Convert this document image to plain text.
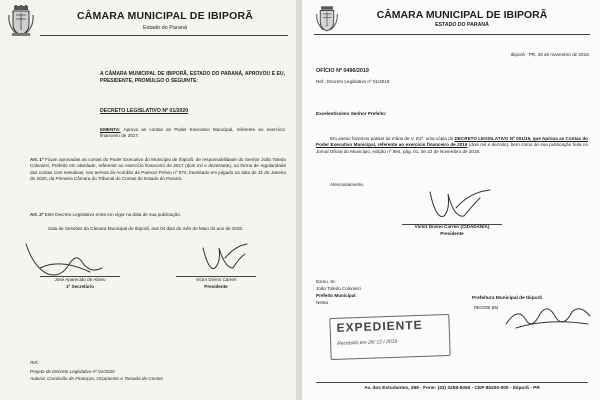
CÂMARA MUNICIPAL DE IBIPORÃ
Estado do Paraná
A CÂMARA MUNICIPAL DE IBIPORÃ, ESTADO DO PARANÁ, APROVOU E EU, PRESIDENTE, PROMULGO O SEGUINTE:
DECRETO LEGISLATIVO Nº 01/2020
EMENTA: Aprova as contas do Poder Executivo Municipal, referente ao exercício financeiro de 2017.
Art. 1º Ficam aprovadas as contas do Poder Executivo do Município de Ibiporã, de responsabilidade do Senhor João Toledo Coloniezi, Prefeito em atividade, referente ao exercício financeiro de 2017 (dois mil e dezessete), na forma de regularidade das contas com ressalvas, nos termos do Acórdão de Parecer Prévio nº 574, transitado em julgado na data de 31 de Janeiro de 2020, da Primeira Câmara do Tribunal de Contas do Estado do Paraná.
Art. 2º Este Decreto Legislativo entra em vigor na data de sua publicação.
Sala de Sessões da Câmara Municipal de Ibiporã, aos 04 dias do mês de Maio do ano de 2020.
José Aparecido de Abreu
1º Secretário
Victor Divino Carreri
Presidente
Ref.:
Projeto de Decreto Legislativo nº 01/2020
Autoria: Comissão de Finanças, Orçamento e Tomada de Contas
CÂMARA MUNICIPAL DE IBIPORÃ
ESTADO DO PARANÁ
Ibiporã - PR, 26 de novembro de 2019.
OFÍCIO Nº 0496/2019
Ref.: Decreto Legislativo nº 01/2019
Excelentíssimo Senhor Prefeito:
Em anexo fazemos passar às mãos de V. Exª. uma cópia do DECRETO LEGISLATIVO Nº 001/19, que Aprova as Contas do Poder Executivo Municipal, referente ao exercício financeiro de 2016 (dois mil e dezoito), bem como de sua publicação feita no Jornal Oficial do Município, edição nº 994, pág. 01, de 22 de Novembro de 2019.
Atenciosamente,
Victor Divino Carreri (CIDADANIA)
Presidente
Exmo. Sr.
João Toledo Coloniezi
Prefeito Municipal
Nesta
Prefeitura Municipal de Ibiporã
RECEBI EM
EXPEDIENTE
Recebido em 26/ 12 / 2019
Av. dos Estudantes, 299 - Fone: (43) 3258-8450 - CEP 86200-000 - Ibiporã - PR
